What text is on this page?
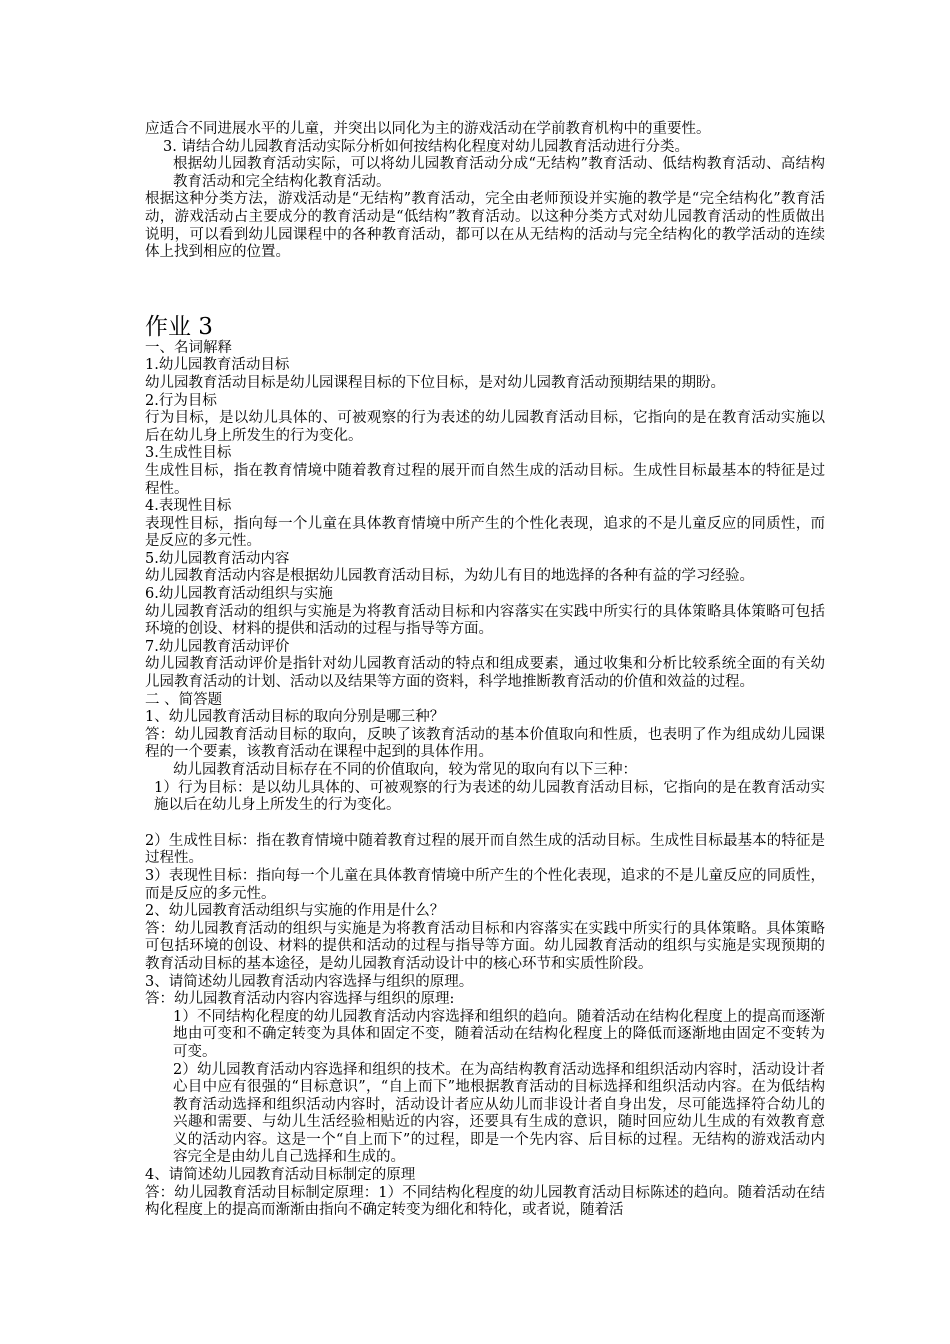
应适合不同进展水平的儿童，并突出以同化为主的游戏活动在学前教育机构中的重要性。

3. 请结合幼儿园教育活动实际分析如何按结构化程度对幼儿园教育活动进行分类。

根据幼儿园教育活动实际，可以将幼儿园教育活动分成“无结构”教育活动、低结构教育活动、高结构教育活动和完全结构化教育活动。

根据这种分类方法，游戏活动是“无结构”教育活动，完全由老师预设并实施的教学是“完全结构化”教育活动，游戏活动占主要成分的教育活动是“低结构”教育活动。以这种分类方式对幼儿园教育活动的性质做出说明，可以看到幼儿园课程中的各种教育活动，都可以在从无结构的活动与完全结构化的教学活动的连续体上找到相应的位置。

作业 3

一、名词解释

1.幼儿园教育活动目标

幼儿园教育活动目标是幼儿园课程目标的下位目标，是对幼儿园教育活动预期结果的期盼。

2.行为目标

行为目标，是以幼儿具体的、可被观察的行为表述的幼儿园教育活动目标，它指向的是在教育活动实施以后在幼儿身上所发生的行为变化。

3.生成性目标

生成性目标，指在教育情境中随着教育过程的展开而自然生成的活动目标。生成性目标最基本的特征是过程性。

4.表现性目标

表现性目标，指向每一个儿童在具体教育情境中所产生的个性化表现，追求的不是儿童反应的同质性，而是反应的多元性。

5.幼儿园教育活动内容

幼儿园教育活动内容是根据幼儿园教育活动目标，为幼儿有目的地选择的各种有益的学习经验。

6.幼儿园教育活动组织与实施

幼儿园教育活动的组织与实施是为将教育活动目标和内容落实在实践中所实行的具体策略具体策略可包括环境的创设、材料的提供和活动的过程与指导等方面。

7.幼儿园教育活动评价

幼儿园教育活动评价是指针对幼儿园教育活动的特点和组成要素，通过收集和分析比较系统全面的有关幼儿园教育活动的计划、活动以及结果等方面的资料，科学地推断教育活动的价值和效益的过程。

二 、简答题

1、幼儿园教育活动目标的取向分别是哪三种？

答：幼儿园教育活动目标的取向，反映了该教育活动的基本价值取向和性质，也表明了作为组成幼儿园课程的一个要素，该教育活动在课程中起到的具体作用。

幼儿园教育活动目标存在不同的价值取向，较为常见的取向有以下三种：

1）行为目标：是以幼儿具体的、可被观察的行为表述的幼儿园教育活动目标，它指向的是在教育活动实施以后在幼儿身上所发生的行为变化。

2）生成性目标：指在教育情境中随着教育过程的展开而自然生成的活动目标。生成性目标最基本的特征是过程性。

3）表现性目标：指向每一个儿童在具体教育情境中所产生的个性化表现，追求的不是儿童反应的同质性，而是反应的多元性。

2、幼儿园教育活动组织与实施的作用是什么？

答：幼儿园教育活动的组织与实施是为将教育活动目标和内容落实在实践中所实行的具体策略。具体策略可包括环境的创设、材料的提供和活动的过程与指导等方面。幼儿园教育活动的组织与实施是实现预期的教育活动目标的基本途径，是幼儿园教育活动设计中的核心环节和实质性阶段。

3、请简述幼儿园教育活动内容选择与组织的原理。

答：幼儿园教育活动内容内容选择与组织的原理:

1）不同结构化程度的幼儿园教育活动内容选择和组织的趋向。随着活动在结构化程度上的提高而逐渐地由可变和不确定转变为具体和固定不变，随着活动在结构化程度上的降低而逐渐地由固定不变转为可变。

2）幼儿园教育活动内容选择和组织的技术。在为高结构教育活动选择和组织活动内容时，活动设计者心目中应有很强的“目标意识”，“自上而下”地根据教育活动的目标选择和组织活动内容。在为低结构教育活动选择和组织活动内容时，活动设计者应从幼儿而非设计者自身出发，尽可能选择符合幼儿的兴趣和需要、与幼儿生活经验相贴近的内容，还要具有生成的意识，随时回应幼儿生成的有效教育意义的活动内容。这是一个“自上而下”的过程，即是一个先内容、后目标的过程。无结构的游戏活动内容完全是由幼儿自己选择和生成的。

4、请简述幼儿园教育活动目标制定的原理

答：幼儿园教育活动目标制定原理：1）不同结构化程度的幼儿园教育活动目标陈述的趋向。随着活动在结构化程度上的提高而渐渐由指向不确定转变为细化和特化，或者说，随着活
